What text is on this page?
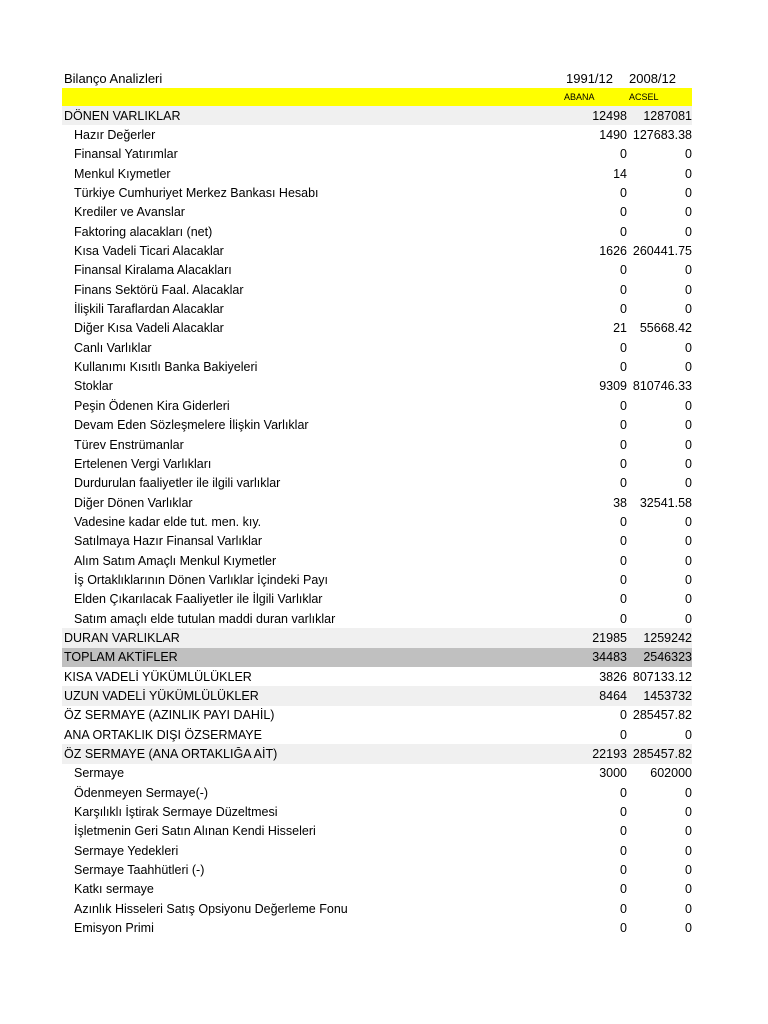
Bilanço Analizleri	1991/12	2008/12
ABANA	ACSEL
DÖNEN VARLIKLAR	12498	1287081
Hazır Değerler	1490 127683.38
Finansal Yatırımlar	0	0
Menkul Kıymetler	14	0
Türkiye Cumhuriyet Merkez Bankası Hesabı	0	0
Krediler ve Avanslar	0	0
Faktoring alacakları (net)	0	0
Kısa Vadeli Ticari Alacaklar	1626 260441.75
Finansal Kiralama Alacakları	0	0
Finans Sektörü Faal. Alacaklar	0	0
İlişkili Taraflardan Alacaklar	0	0
Diğer Kısa Vadeli Alacaklar	21	55668.42
Canlı Varlıklar	0	0
Kullanımı Kısıtlı Banka Bakiyeleri	0	0
Stoklar	9309 810746.33
Peşin Ödenen Kira Giderleri	0	0
Devam Eden Sözleşmelere İlişkin Varlıklar	0	0
Türev Enstrümanlar	0	0
Ertelenen Vergi Varlıkları	0	0
Durdurulan faaliyetler ile ilgili varlıklar	0	0
Diğer Dönen Varlıklar	38	32541.58
Vadesine kadar elde tut. men. kıy.	0	0
Satılmaya Hazır Finansal Varlıklar	0	0
Alım Satım Amaçlı Menkul Kıymetler	0	0
İş Ortaklıklarının Dönen Varlıklar İçindeki Payı	0	0
Elden Çıkarılacak Faaliyetler ile İlgili Varlıklar	0	0
Satım amaçlı elde tutulan maddi duran varlıklar	0	0
DURAN VARLIKLAR	21985	1259242
TOPLAM AKTİFLER	34483	2546323
KISA VADELİ YÜKÜMLÜLÜKLER	3826 807133.12
UZUN VADELİ YÜKÜMLÜLÜKLER	8464	1453732
ÖZ SERMAYE (AZINLIK PAYI DAHİL)	0 285457.82
ANA ORTAKLIK DIŞI ÖZSERMAYE	0	0
ÖZ SERMAYE (ANA ORTAKLIĞA AİT)	22193 285457.82
Sermaye	3000	602000
Ödenmeyen Sermaye(-)	0	0
Karşılıklı İştirak Sermaye Düzeltmesi	0	0
İşletmenin Geri Satın Alınan Kendi Hisseleri	0	0
Sermaye Yedekleri	0	0
Sermaye Taahhütleri (-)	0	0
Katkı sermaye	0	0
Azınlık Hisseleri Satış Opsiyonu Değerleme Fonu	0	0
Emisyon Primi	0	0
